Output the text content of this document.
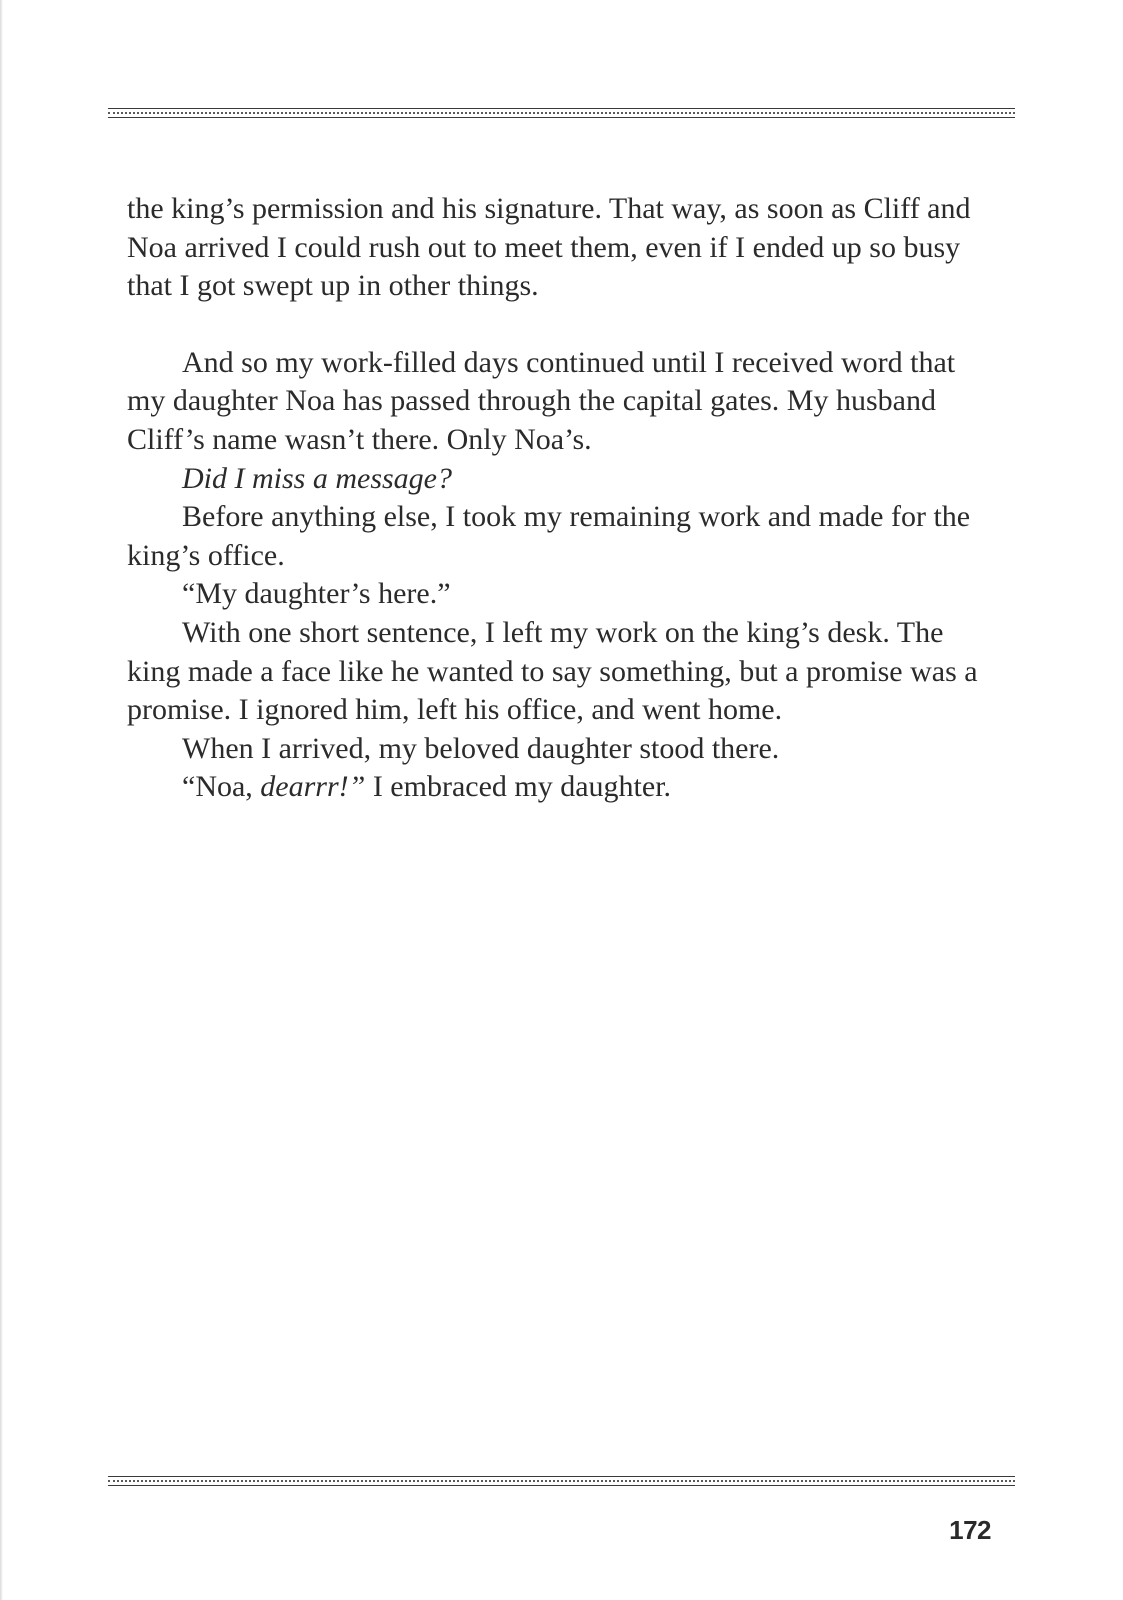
the king’s permission and his signature. That way, as soon as Cliff and
Noa arrived I could rush out to meet them, even if I ended up so busy
that I got swept up in other things.

And so my work-filled days continued until I received word that
my daughter Noa has passed through the capital gates. My husband
Cliff’s name wasn’t there. Only Noa’s.

Did I miss a message?

Before anything else, I took my remaining work and made for the
king’s office.

“My daughter’s here.”

With one short sentence, I left my work on the king’s desk. The
king made a face like he wanted to say something, but a promise was a
promise. I ignored him, left his office, and went home.

When I arrived, my beloved daughter stood there.

“Noa, dearrr!” I embraced my daughter.

172
